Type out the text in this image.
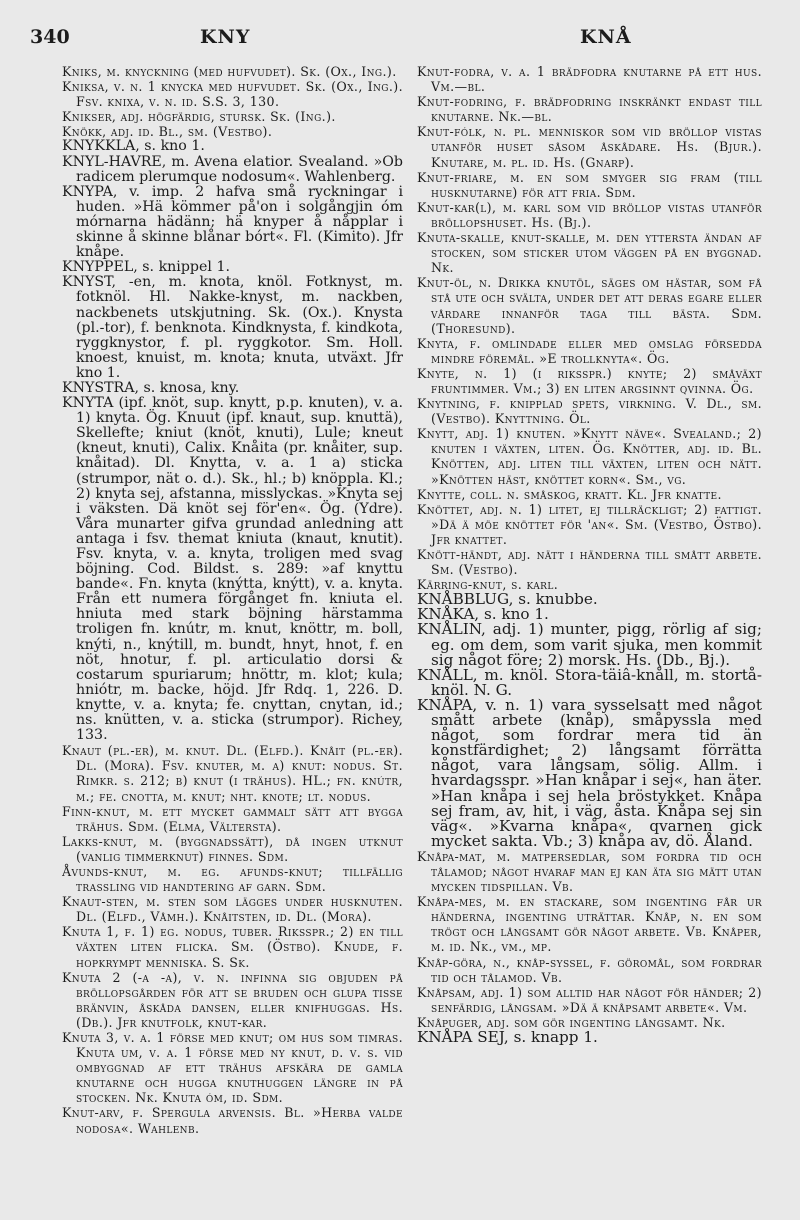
340	KNY	KNÅ

Kniks, m. knyckning (med hufvudet). Sk. (Ox., Ing.).

Kniksa, v. n. 1 knycka med hufvudet. Sk. (Ox., Ing.). Fsv. knixa, v. n. id. S.S. 3, 130.

Knikser, adj. högfärdig, stursk. Sk. (Ing.).

Knökk, adj. id. Bl., sm. (Vestbo).

KNYKKLA, s. kno 1.

KNYL-HAVRE, m. Avena elatior. Svealand. »Ob radicem plerumque nodosum«. Wahlenberg.

KNYPA, v. imp. 2 hafva små ryckningar i huden. »Hä kömmer på'on i solgångjin óm mórnarna hädänn; hä knyper å nåpplar i skinne å skinne blånar bórt«. Fl. (Kimito). Jfr knåpe.

KNYPPEL, s. knippel 1.

KNYST, -en, m. knota, knöl. Fotknyst, m. fotknöl. Hl. Nakke-knyst, m. nackben, nackbenets utskjutning. Sk. (Ox.). Knysta (pl.-tor), f. benknota. Kindknysta, f. kindkota, ryggknystor, f. pl. ryggkotor. Sm. Holl. knoest, knuist, m. knota; knuta, utväxt. Jfr kno 1.

KNYSTRA, s. knosa, kny.

KNYTA (ipf. knöt, sup. knytt, p.p. knuten), v. a. 1) knyta. Ög. Knuut (ipf. knaut, sup. knuttä), Skellefte; kniut (knöt, knuti), Lule; kneut (kneut, knuti), Calix. Knåita (pr. knåiter, sup. knåitad). Dl. Knytta, v. a. 1 a) sticka (strumpor, nät o. d.). Sk., hl.; b) knöppla. Kl.; 2) knyta sej, afstanna, misslyckas. »Knyta sej i väksten. Dä knöt sej för'en«. Ög. (Ydre). Våra munarter gifva grundad anledning att antaga i fsv. themat kniuta (knaut, knutit). Fsv. knyta, v. a. knyta, troligen med svag böjning. Cod. Bildst. s. 289: »af knyttu bande«. Fn. knyta (knýtta, knýtt), v. a. knyta. Från ett numera förgånget fn. kniuta el. hniuta med stark böjning härstamma troligen fn. knútr, m. knut, knöttr, m. boll, knýti, n., knýtill, m. bundt, hnyt, hnot, f. en nöt, hnotur, f. pl. articulatio dorsi & costarum spuriarum; hnöttr, m. klot; kula; hniótr, m. backe, höjd. Jfr Rdq. 1, 226. D. knytte, v. a. knyta; fe. cnyttan, cnytan, id.; ns. knütten, v. a. sticka (strumpor). Richey, 133.

Knaut (pl.-er), m. knut. Dl. (Elfd.). Knåit (pl.-er). Dl. (Mora). Fsv. knuter, m. a) knut: nodus. St. Rimkr. s. 212; b) knut (i trähus). HL.; fn. knútr, m.; fe. cnotta, m. knut; nht. knote; lt. nodus.

Finn-knut, m. ett mycket gammalt sätt att bygga trähus. Sdm. (Elma, Vältersta).

Lakks-knut, m. (byggnadssätt), då ingen utknut (vanlig timmerknut) finnes. Sdm.

Åvunds-knut, m. eg. afunds-knut; tillfällig trassling vid handtering af garn. Sdm.

Knaut-sten, m. sten som lägges under husknuten. Dl. (Elfd., Våmh.). Knåitsten, id. Dl. (Mora).

Knuta 1, f. 1) eg. nodus, tuber. Riksspr.; 2) en till växten liten flicka. Sm. (Östbo). Knude, f. hopkrympt menniska. S. Sk.

Knuta 2 (-a -a), v. n. infinna sig objuden på bröllopsgården för att se bruden och glupa tisse bränvin, åskåda dansen, eller knifhuggas. Hs. (Db.). Jfr knutfolk, knut-kar.

Knuta 3, v. a. 1 förse med knut; om hus som timras. Knuta um, v. a. 1 förse med ny knut, d. v. s. vid ombyggnad af ett trähus afskära de gamla knutarne och hugga knuthuggen längre in på stocken. Nk. Knuta óm, id. Sdm.

Knut-arv, f. Spergula arvensis. Bl. »Herba valde nodosa«. Wahlenb.

Knut-fodra, v. a. 1 brädfodra knutarne på ett hus. Vm.—bl.

Knut-fodring, f. brädfodring inskränkt endast till knutarne. Nk.—bl.

Knut-fólk, n. pl. menniskor som vid bröllop vistas utanför huset såsom åskådare. Hs. (Bjur.). Knutare, m. pl. id. Hs. (Gnarp).

Knut-friare, m. en som smyger sig fram (till husknutarne) för att fria. Sdm.

Knut-kar(l), m. karl som vid bröllop vistas utanför bröllopshuset. Hs. (Bj.).

Knuta-skalle, knut-skalle, m. den yttersta ändan af stocken, som sticker utom väggen på en byggnad. Nk.

Knut-öl, n. Drikka knutöl, säges om hästar, som få stå ute och svälta, under det att deras egare eller vårdare innanför taga till bästa. Sdm. (Thoresund).

Knyta, f. omlindade eller med omslag försedda mindre föremål. »E trollknyta«. Ög.

Knyte, n. 1) (i riksspr.) knyte; 2) småväxt fruntimmer. Vm.; 3) en liten argsinnt qvinna. Ög.

Knytning, f. knipplad spets, virkning. V. Dl., sm. (Vestbo). Knyttning. Öl.

Knytt, adj. 1) knuten. »Knytt näve«. Svealand.; 2) knuten i växten, liten. Ög. Knötter, adj. id. Bl. Knötten, adj. liten till växten, liten och nätt. »Knötten häst, knöttet korn«. Sm., vg.

Knytte, coll. n. småskog, kratt. Kl. Jfr knatte.

Knöttet, adj. n. 1) litet, ej tillräckligt; 2) fattigt. »Dä ä möe knöttet för 'an«. Sm. (Vestbo, Östbo). Jfr knattet.

Knött-händt, adj. nätt i händerna till smått arbete. Sm. (Vestbo).

Kärring-knut, s. karl.

KNÅBBLUG, s. knubbe.

KNÅKA, s. kno 1.

KNÅLIN, adj. 1) munter, pigg, rörlig af sig; eg. om dem, som varit sjuka, men kommit sig något före; 2) morsk. Hs. (Db., Bj.).

KNÅLL, m. knöl. Stora-täiâ-knåll, m. stortå-knöl. N. G.

KNÅPA, v. n. 1) vara sysselsatt med något smått arbete (knåp), småpyssla med något, som fordrar mera tid än konstfärdighet; 2) långsamt förrätta något, vara långsam, sölig. Allm. i hvardagsspr. »Han knåpar i sej«, han äter. »Han knåpa i sej hela bröstykket. Knåpa sej fram, av, hit, i väg, åsta. Knåpa sej sin väg«. »Kvarna knåpa«, qvarnen gick mycket sakta. Vb.; 3) knåpa av, dö. Åland.

Knåpa-mat, m. matpersedlar, som fordra tid och tålamod; något hvaraf man ej kan äta sig mätt utan mycken tidspillan. Vb.

Knåpa-mes, m. en stackare, som ingenting får ur händerna, ingenting uträttar. Knåp, n. en som trögt och långsamt gör något arbete. Vb. Knåper, m. id. Nk., vm., mp.

Knåp-göra, n., knåp-syssel, f. göromål, som fordrar tid och tålamod. Vb.

Knåpsam, adj. 1) som alltid har något för händer; 2) senfärdig, långsam. »Dä ä knåpsamt arbete«. Vm.

Knåpuger, adj. som gör ingenting långsamt. Nk.

KNÅPA SEJ, s. knapp 1.
